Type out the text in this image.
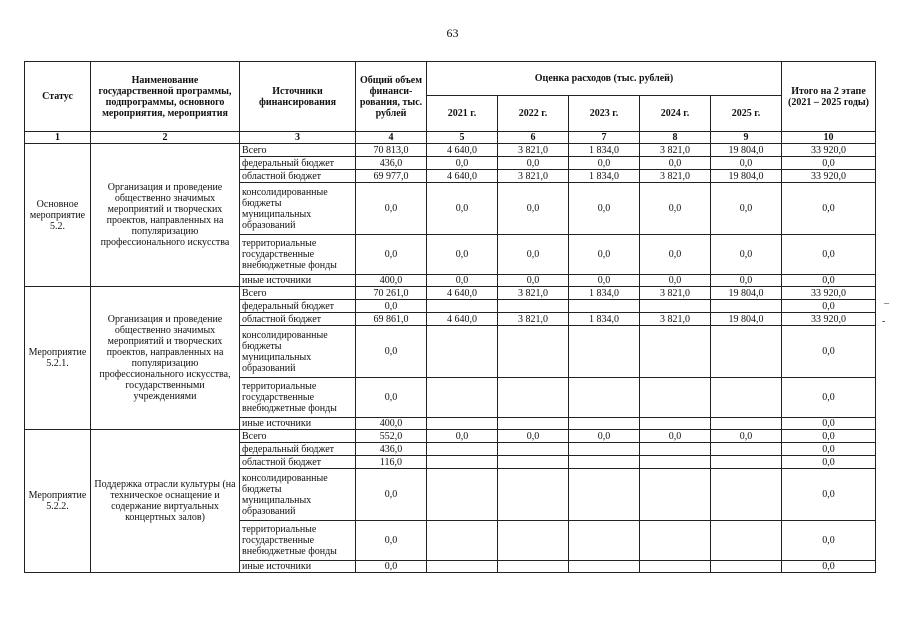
63
Статус	Наименование государственной программы, подпрограммы, основного мероприятия, мероприятия	Источники финансирования	Общий объем финанси- рования, тыс. рублей	Оценка расходов (тыс. рублей)					Итого на 2 этапе (2021 – 2025 годы)
				2021 г.	2022 г.	2023 г.	2024 г.	2025 г.	
1	2	3	4	5	6	7	8	9	10
Основное мероприятие 5.2.	Организация и проведение общественно значимых мероприятий и творческих проектов, направленных на популяризацию профессионального искусства	Всего	70 813,0	4 640,0	3 821,0	1 834,0	3 821,0	19 804,0	33 920,0
		федеральный бюджет	436,0	0,0	0,0	0,0	0,0	0,0	0,0
		областной бюджет	69 977,0	4 640,0	3 821,0	1 834,0	3 821,0	19 804,0	33 920,0
		консолидированные бюджеты муниципальных образований	0,0	0,0	0,0	0,0	0,0	0,0	0,0
		территориальные государственные внебюджетные фонды	0,0	0,0	0,0	0,0	0,0	0,0	0,0
		иные источники	400,0	0,0	0,0	0,0	0,0	0,0	0,0
Мероприятие 5.2.1.	Организация и проведение общественно значимых мероприятий и творческих проектов, направленных на популяризацию профессионального искусства, государственными учреждениями	Всего	70 261,0	4 640,0	3 821,0	1 834,0	3 821,0	19 804,0	33 920,0
		федеральный бюджет	0,0						0,0
		областной бюджет	69 861,0	4 640,0	3 821,0	1 834,0	3 821,0	19 804,0	33 920,0
		консолидированные бюджеты муниципальных образований	0,0						0,0
		территориальные государственные внебюджетные фонды	0,0						0,0
		иные источники	400,0						0,0
Мероприятие 5.2.2.	Поддержка отрасли культуры (на техническое оснащение и содержание виртуальных концертных залов)	Всего	552,0	0,0	0,0	0,0	0,0	0,0	0,0
		федеральный бюджет	436,0						0,0
		областной бюджет	116,0						0,0
		консолидированные бюджеты муниципальных образований	0,0						0,0
		территориальные государственные внебюджетные фонды	0,0						0,0
		иные источники	0,0						0,0
–
-
